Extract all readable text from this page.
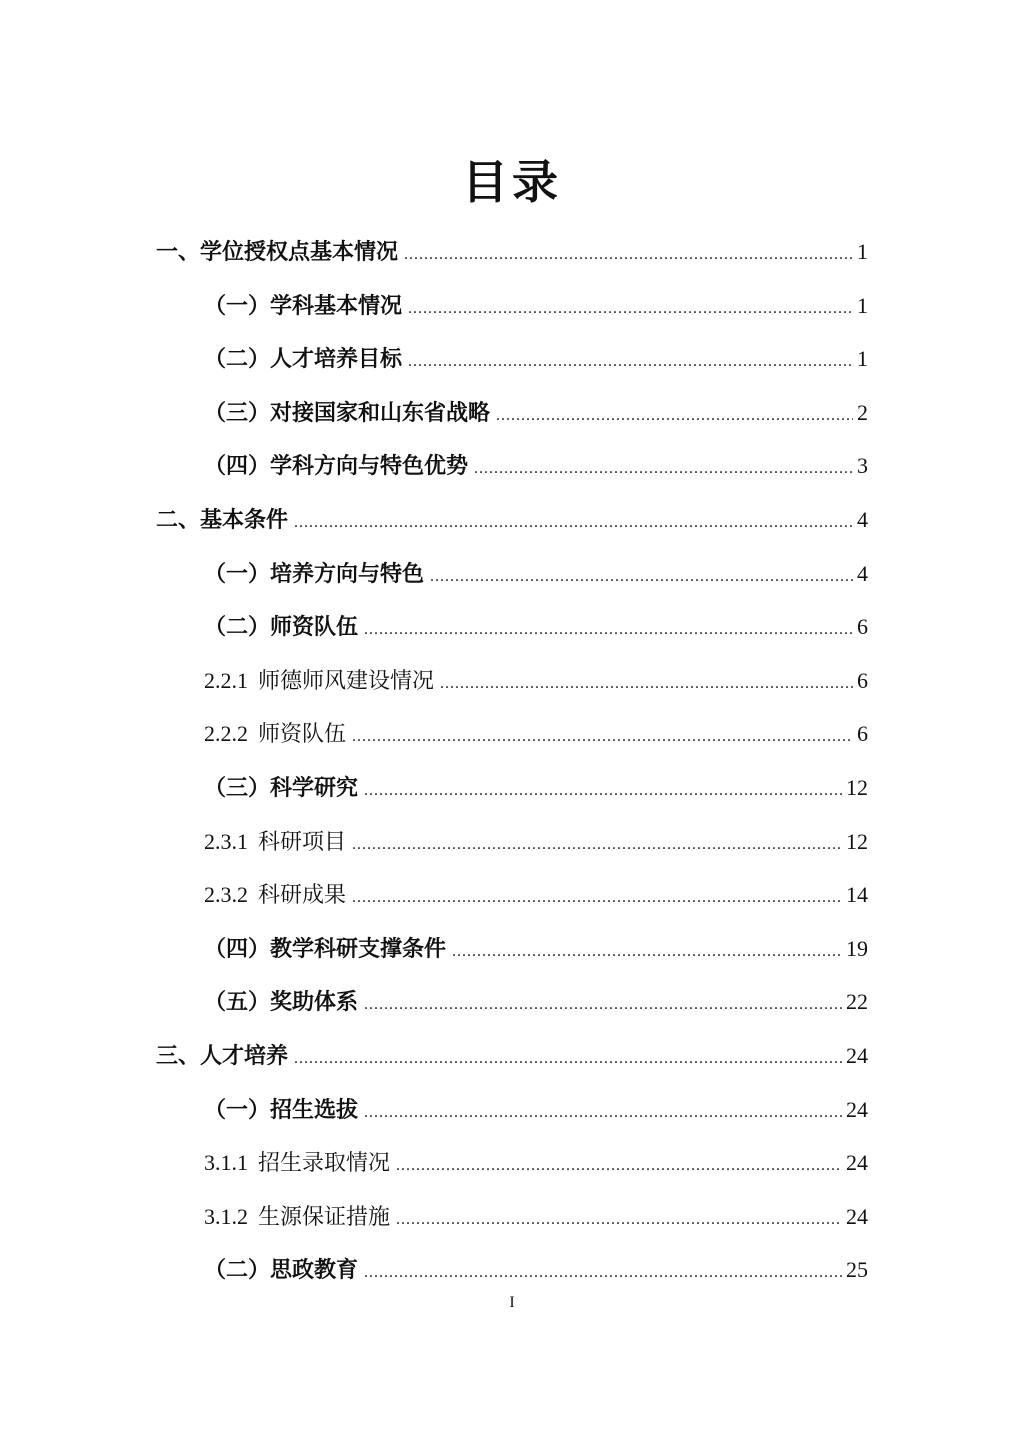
目录
一、学位授权点基本情况 .....	1
（一）学科基本情况 .....	1
（二）人才培养目标 .....	1
（三）对接国家和山东省战略 .....	2
（四）学科方向与特色优势 .....	3
二、基本条件 .....	4
（一）培养方向与特色 .....	4
（二）师资队伍 .....	6
2.2.1 师德师风建设情况 .....	6
2.2.2 师资队伍 .....	6
（三）科学研究 .....	12
2.3.1 科研项目 .....	12
2.3.2 科研成果 .....	14
（四）教学科研支撑条件 .....	19
（五）奖助体系 .....	22
三、人才培养 .....	24
（一）招生选拔 .....	24
3.1.1 招生录取情况 .....	24
3.1.2 生源保证措施 .....	24
（二）思政教育 .....	25
I
